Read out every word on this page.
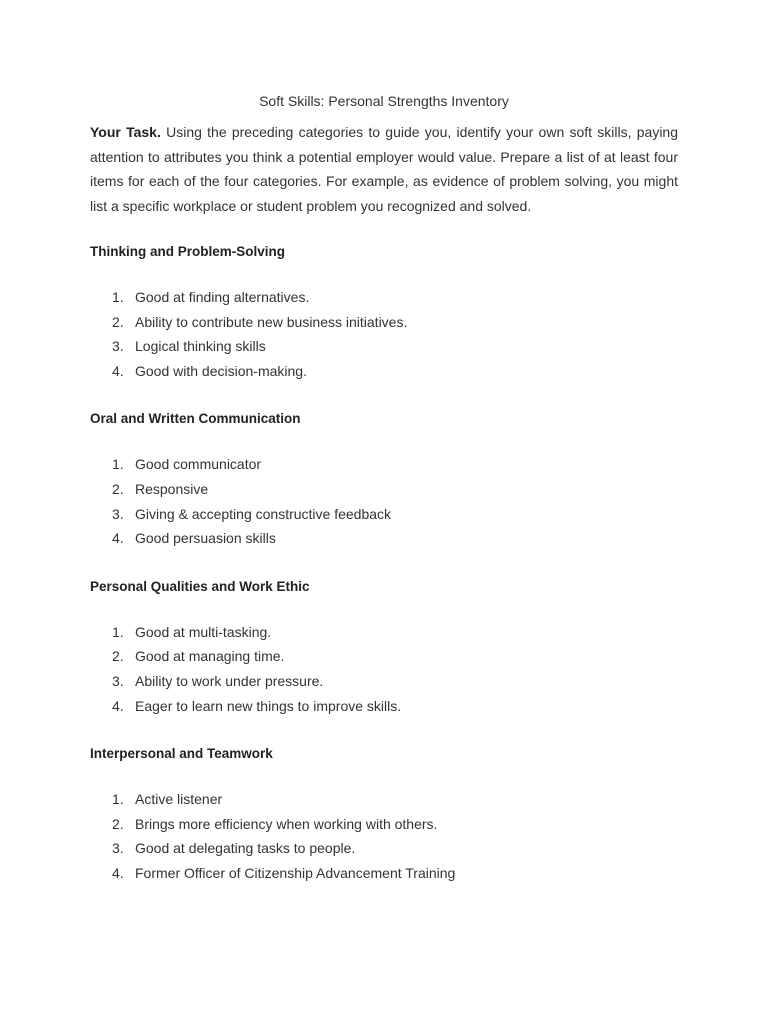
Soft Skills: Personal Strengths Inventory

Your Task. Using the preceding categories to guide you, identify your own soft skills, paying attention to attributes you think a potential employer would value. Prepare a list of at least four items for each of the four categories. For example, as evidence of problem solving, you might list a specific workplace or student problem you recognized and solved.

Thinking and Problem-Solving
1. Good at finding alternatives.
2. Ability to contribute new business initiatives.
3. Logical thinking skills
4. Good with decision-making.
Oral and Written Communication
1. Good communicator
2. Responsive
3. Giving & accepting constructive feedback
4. Good persuasion skills
Personal Qualities and Work Ethic
1. Good at multi-tasking.
2. Good at managing time.
3. Ability to work under pressure.
4. Eager to learn new things to improve skills.
Interpersonal and Teamwork
1. Active listener
2. Brings more efficiency when working with others.
3. Good at delegating tasks to people.
4. Former Officer of Citizenship Advancement Training
